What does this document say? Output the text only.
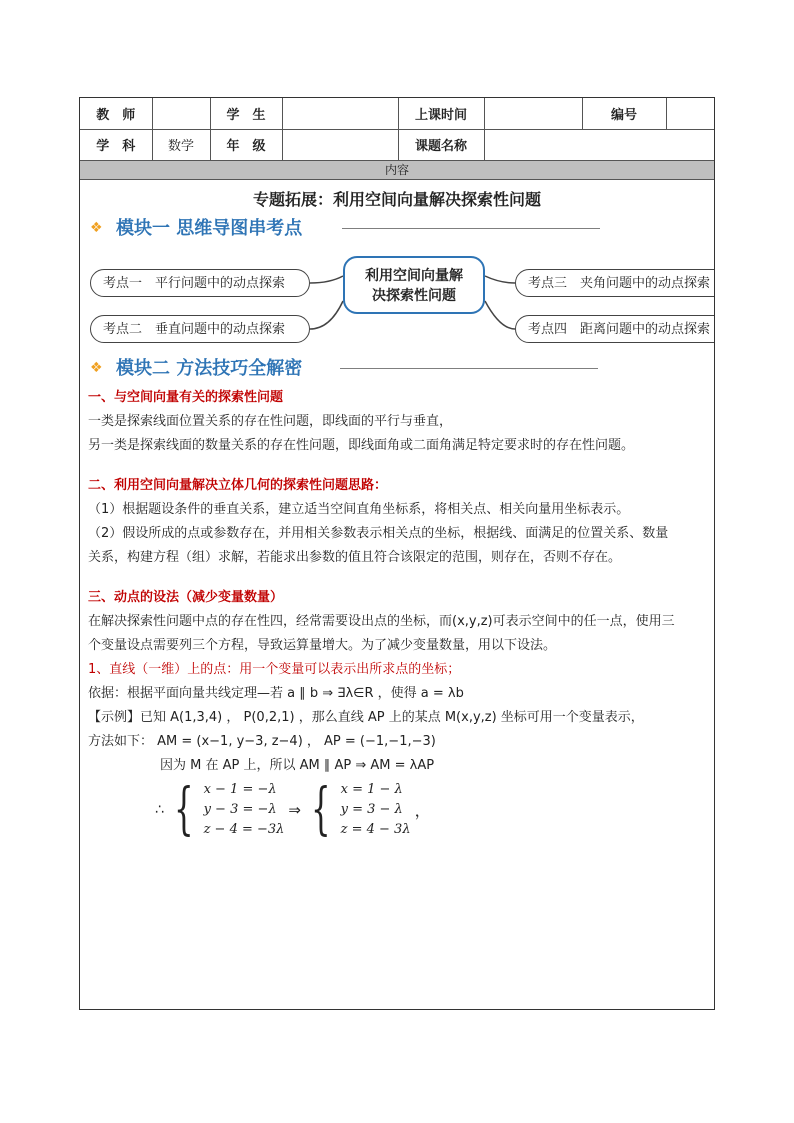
教　师		学　生		上课时间		编号	
学　科	数学	年　级		课题名称			
内容
专题拓展：利用空间向量解决探索性问题
❖ 模块一 思维导图串考点
考点一　平行问题中的动点探索
考点二　垂直问题中的动点探索
利用空间向量解
决探索性问题
考点三　夹角问题中的动点探索
考点四　距离问题中的动点探索
❖ 模块二 方法技巧全解密
一、与空间向量有关的探索性问题
一类是探索线面位置关系的存在性问题，即线面的平行与垂直，
另一类是探索线面的数量关系的存在性问题，即线面角或二面角满足特定要求时的存在性问题。
二、利用空间向量解决立体几何的探索性问题思路：
（1）根据题设条件的垂直关系，建立适当空间直角坐标系，将相关点、相关向量用坐标表示。
（2）假设所成的点或参数存在，并用相关参数表示相关点的坐标，根据线、面满足的位置关系、数量
关系，构建方程（组）求解，若能求出参数的值且符合该限定的范围，则存在，否则不存在。
三、动点的设法（减少变量数量）
在解决探索性问题中点的存在性四，经常需要设出点的坐标，而(x,y,z)可表示空间中的任一点，使用三
个变量设点需要列三个方程，导致运算量增大。为了减少变量数量，用以下设法。
1、直线（一维）上的点：用一个变量可以表示出所求点的坐标；
依据：根据平面向量共线定理—若 a ∥ b ⇒ ∃λ∈R ，使得 a = λb
【示例】已知 A(1,3,4) ， P(0,2,1) ，那么直线 AP 上的某点 M(x,y,z) 坐标可用一个变量表示，
方法如下： AM = (x−1, y−3, z−4) ， AP = (−1,−1,−3)
因为 M 在 AP 上，所以 AM ∥ AP ⇒ AM = λAP
∴ { x − 1 = −λ
y − 3 = −λ
z − 4 = −3λ
⇒ { x = 1 − λ
y = 3 − λ
z = 4 − 3λ
，
